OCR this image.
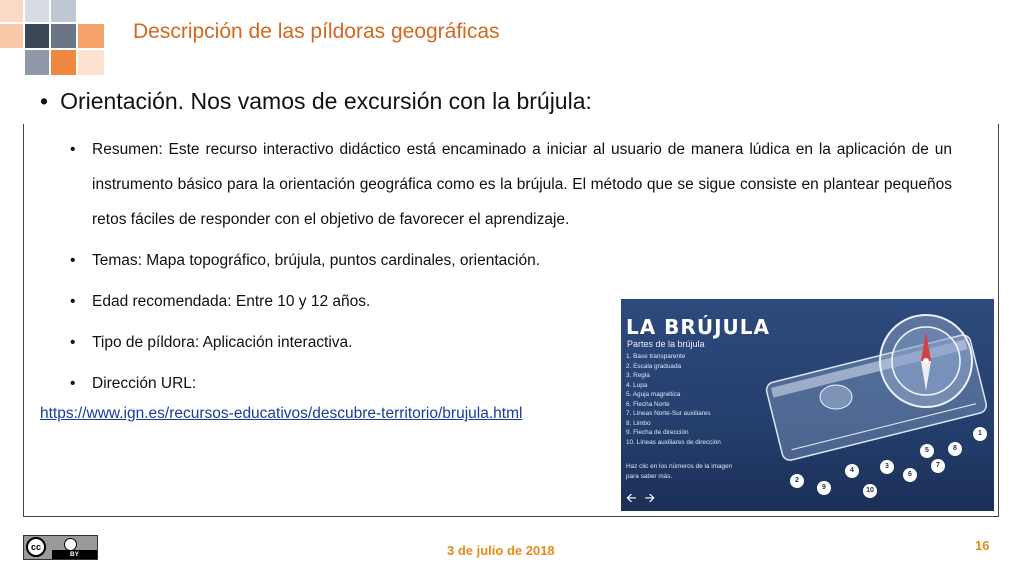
Descripción de las píldoras geográficas
• Orientación. Nos vamos de excursión con la brújula:
• Resumen: Este recurso interactivo didáctico está encaminado a iniciar al usuario de manera lúdica en la aplicación de un instrumento básico para la orientación geográfica como es la brújula. El método que se sigue consiste en plantear pequeños retos fáciles de responder con el objetivo de favorecer el aprendizaje.
• Temas: Mapa topográfico, brújula, puntos cardinales, orientación.
• Edad recomendada: Entre 10 y 12 años.
• Tipo de píldora: Aplicación interactiva.
• Dirección URL:
https://www.ign.es/recursos-educativos/descubre-territorio/brujula.html
LA BRÚJULA
Partes de la brújula
1. Base transparente
2. Escala graduada
3. Regla
4. Lupa
5. Aguja magnética
6. Flecha Norte
7. Líneas Norte-Sur auxiliares
8. Limbo
9. Flecha de dirección
10. Líneas auxiliares de dirección
Haz clic en los números de la imagen para saber más.
🡨 🡪
1
2
3
4
5
6
7
8
9	10
cc
BY	3 de julio de 2018	16
